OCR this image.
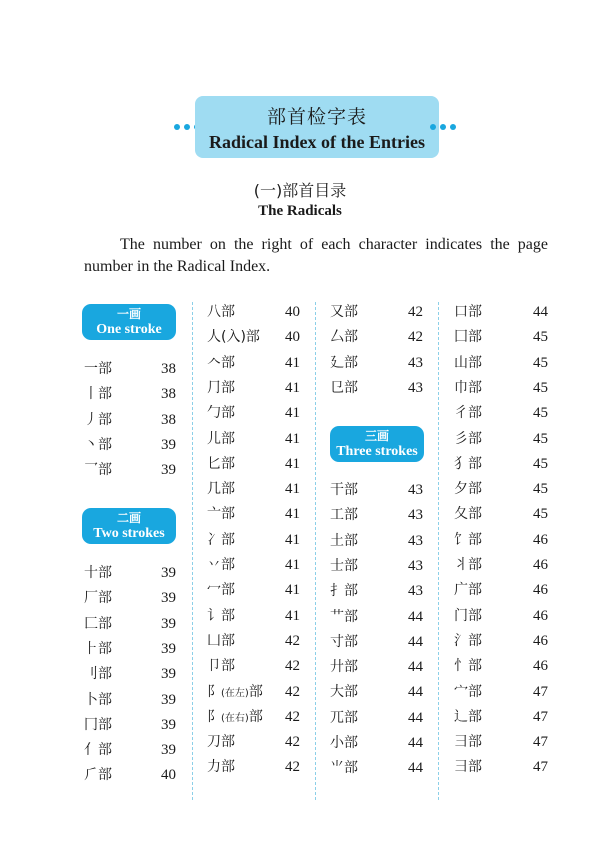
部首检字表
Radical Index of the Entries
(一)部首目录
The Radicals
The number on the right of each character indicates the page number in the Radical Index.
一画
One stroke
一部	38
丨部	38
丿部	38
丶部	39
乛部	39
二画
Two strokes
十部	39
厂部	39
匚部	39
⺊部	39
刂部	39
卜部	39
冂部	39
亻部	39
⺁部	40
八部	40
人(入)部 40
𠆢部	41
⺆部	41
勹部	41
儿部	41
匕部	41
几部	41
亠部	41
冫部	41
丷部	41
冖部	41
讠部	41
凵部	42
卩部	42
阝(在左)部 42
阝(在右)部 42
刀部	42
力部	42
又部	42
厶部	42
廴部	43
㔾部	43
三画
Three strokes
干部	43
工部	43
土部	43
士部	43
扌部	43
艹部	44
寸部	44
廾部	44
大部	44
兀部	44
小部	44
⺌部	44
口部	44
囗部	45
山部	45
巾部	45
彳部	45
彡部	45
犭部	45
夕部	45
夂部	45
饣部	46
丬部	46
广部	46
门部	46
氵部	46
忄部	46
宀部	47
辶部	47
彐部	47
⺕部	47
